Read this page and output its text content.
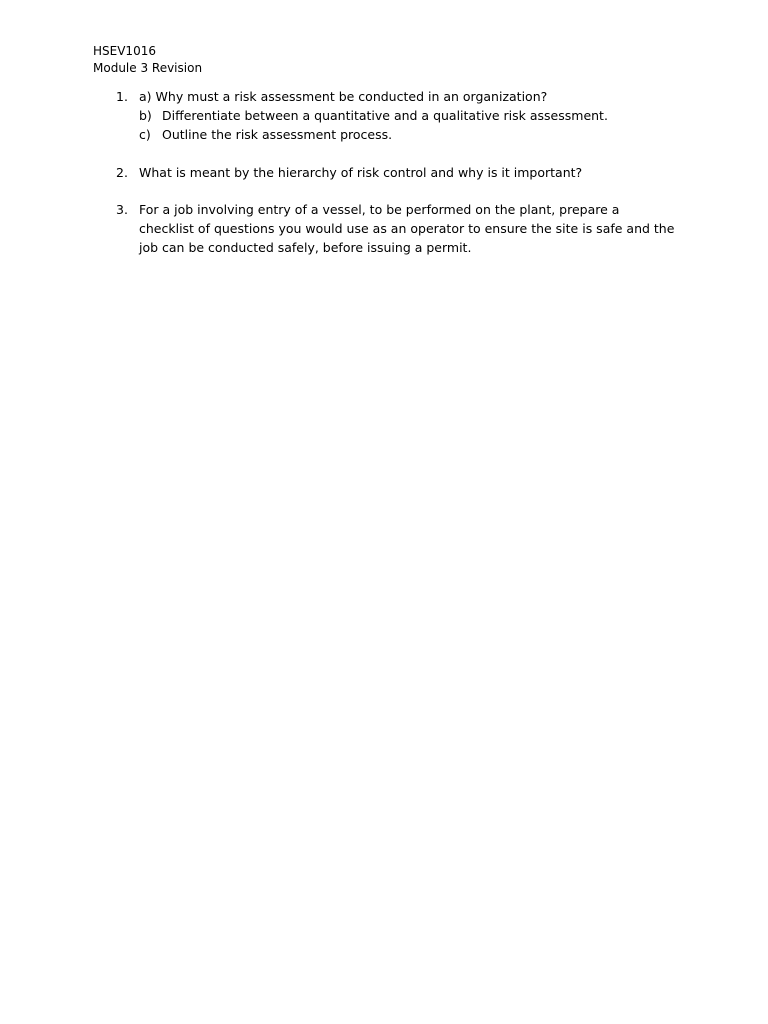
HSEV1016
Module 3 Revision
1. a) Why must a risk assessment be conducted in an organization?
b) Differentiate between a quantitative and a qualitative risk assessment.
c) Outline the risk assessment process.
2. What is meant by the hierarchy of risk control and why is it important?
3. For a job involving entry of a vessel, to be performed on the plant, prepare a
checklist of questions you would use as an operator to ensure the site is safe and the
job can be conducted safely, before issuing a permit.
